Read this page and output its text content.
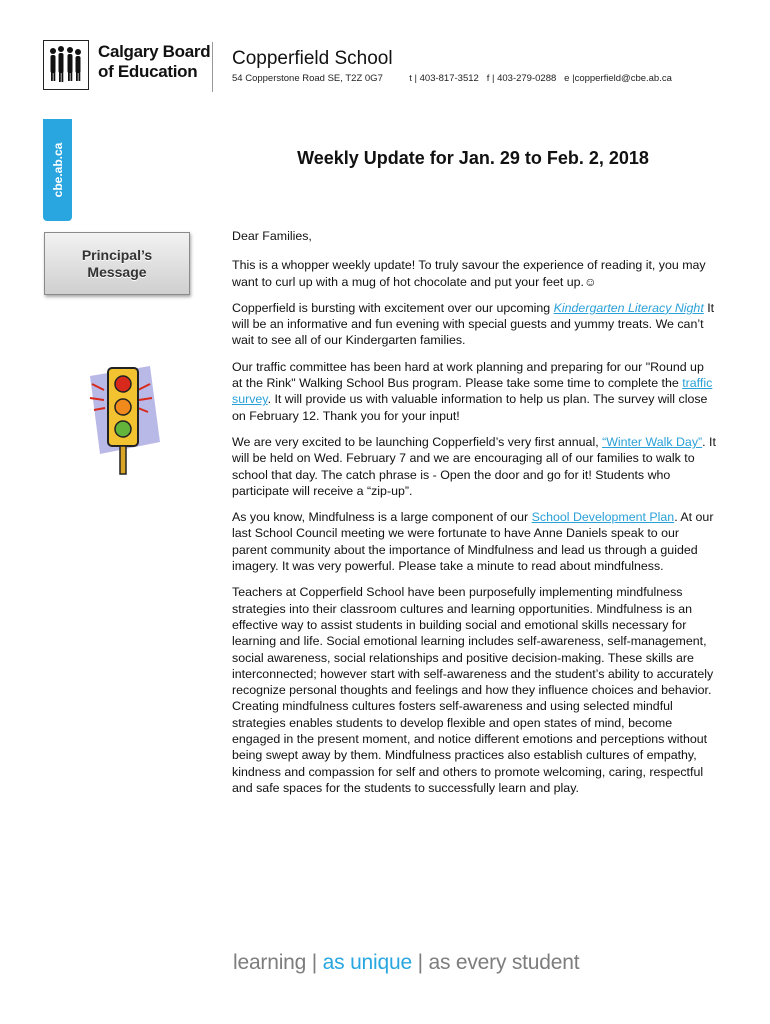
Calgary Board
of Education
Copperfield School
54 Copperstone Road SE, T2Z 0G7          t | 403-817-3512   f | 403-279-0288   e |copperfield@cbe.ab.ca
cbe.ab.ca	Weekly Update for Jan. 29 to Feb. 2, 2018
Principal’s
Message

Dear Families,

This is a whopper weekly update! To truly savour the experience of reading it, you may want to curl up with a mug of hot chocolate and put your feet up.☺

Copperfield is bursting with excitement over our upcoming Kindergarten Literacy Night It will be an informative and fun evening with special guests and yummy treats. We can’t wait to see all of our Kindergarten families.

Our traffic committee has been hard at work planning and preparing for our "Round up at the Rink" Walking School Bus program. Please take some time to complete the traffic survey. It will provide us with valuable information to help us plan. The survey will close on February 12. Thank you for your input!

We are very excited to be launching Copperfield’s very first annual, “Winter Walk Day”. It will be held on Wed. February 7 and we are encouraging all of our families to walk to school that day. The catch phrase is - Open the door and go for it! Students who participate will receive a “zip-up”.

As you know, Mindfulness is a large component of our School Development Plan. At our last School Council meeting we were fortunate to have Anne Daniels speak to our parent community about the importance of Mindfulness and lead us through a guided imagery. It was very powerful. Please take a minute to read about mindfulness.

Teachers at Copperfield School have been purposefully implementing mindfulness strategies into their classroom cultures and learning opportunities. Mindfulness is an effective way to assist students in building social and emotional skills necessary for learning and life. Social emotional learning includes self-awareness, self-management, social awareness, social relationships and positive decision-making. These skills are interconnected; however start with self-awareness and the student’s ability to accurately recognize personal thoughts and feelings and how they influence choices and behavior. Creating mindfulness cultures fosters self-awareness and using selected mindful strategies enables students to develop flexible and open states of mind, become engaged in the present moment, and notice different emotions and perceptions without being swept away by them. Mindfulness practices also establish cultures of empathy, kindness and compassion for self and others to promote welcoming, caring, respectful and safe spaces for the students to successfully learn and play.

learning | as unique | as every student
